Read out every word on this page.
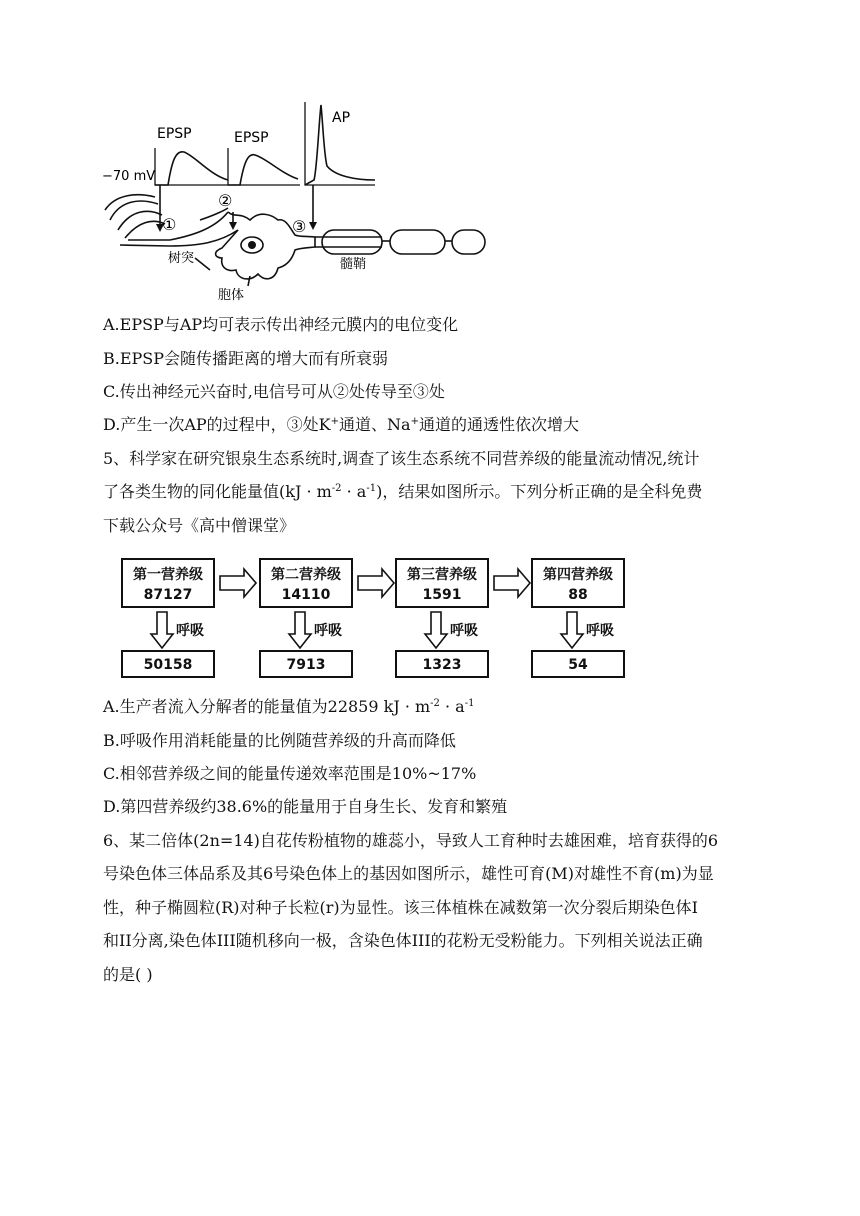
EPSP	EPSP
AP
−70 mV
①
②
③
树突	髓鞘
胞体
A.EPSP与AP均可表示传出神经元膜内的电位变化
B.EPSP会随传播距离的增大而有所衰弱
C.传出神经元兴奋时,电信号可从②处传导至③处
D.产生一次AP的过程中，③处K+通道、Na+通道的通透性依次增大
5、科学家在研究银泉生态系统时,调查了该生态系统不同营养级的能量流动情况,统计
了各类生物的同化能量值$(kJ \cdot m^{-2} \cdot a^{-1})$，结果如图所示。下列分析正确的是全科免费
下载公众号《高中僧课堂》
第一营养级
87127
第二营养级
14110
第三营养级
1591
第四营养级
88
呼吸	呼吸	呼吸	呼吸
50158	7913	1323	54
A.生产者流入分解者的能量值为22859 kJ · $m^{-2} \cdot a^{-1}$
B.呼吸作用消耗能量的比例随营养级的升高而降低
C.相邻营养级之间的能量传递效率范围是10%~17%
D.第四营养级约38.6%的能量用于自身生长、发育和繁殖
6、某二倍体(2n=14)自花传粉植物的雄蕊小，导致人工育种时去雄困难，培育获得的6
号染色体三体品系及其6号染色体上的基因如图所示，雄性可育(M)对雄性不育(m)为显
性，种子椭圆粒(R)对种子长粒(r)为显性。该三体植株在减数第一次分裂后期染色体I
和II分离,染色体III随机移向一极，含染色体III的花粉无受粉能力。下列相关说法正确
的是( )
